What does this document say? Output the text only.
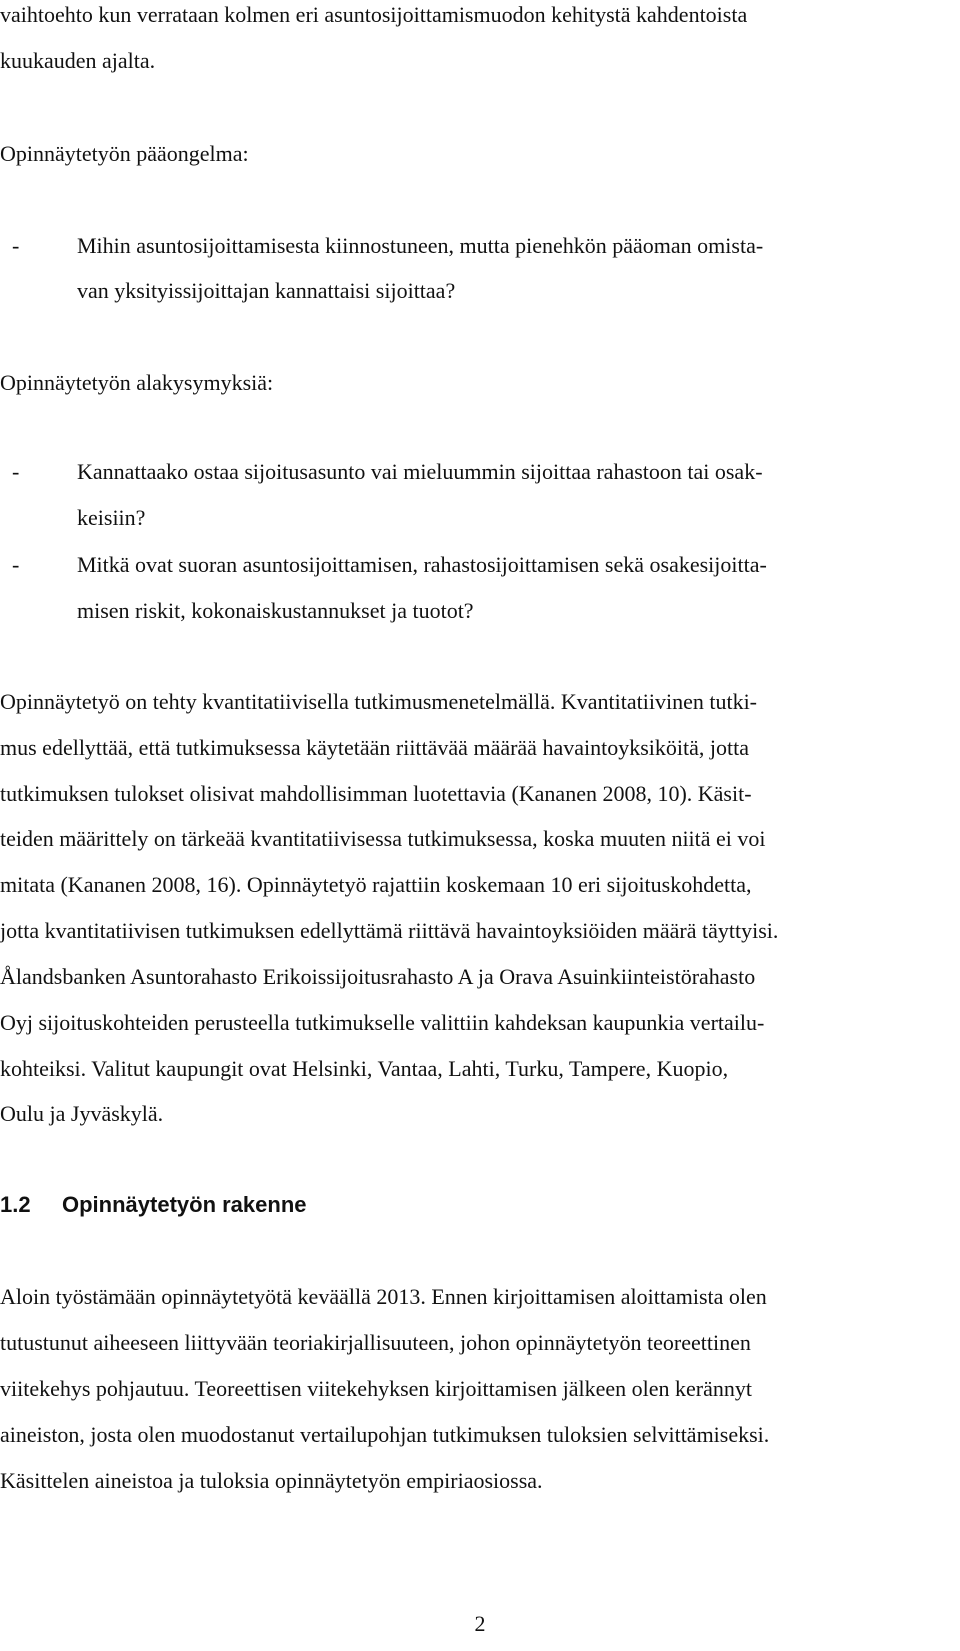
vaihtoehto kun verrataan kolmen eri asuntosijoittamismuodon kehitystä kahdentoista

kuukauden ajalta.

Opinnäytetyön pääongelma:

-	Mihin asuntosijoittamisesta kiinnostuneen, mutta pienehkön pääoman omista-

van yksityissijoittajan kannattaisi sijoittaa?

Opinnäytetyön alakysymyksiä:

-	Kannattaako ostaa sijoitusasunto vai mieluummin sijoittaa rahastoon tai osak-

keisiin?

-	Mitkä ovat suoran asuntosijoittamisen, rahastosijoittamisen sekä osakesijoitta-

misen riskit, kokonaiskustannukset ja tuotot?

Opinnäytetyö on tehty kvantitatiivisella tutkimusmenetelmällä. Kvantitatiivinen tutki-

mus edellyttää, että tutkimuksessa käytetään riittävää määrää havaintoyksiköitä, jotta

tutkimuksen tulokset olisivat mahdollisimman luotettavia (Kananen 2008, 10). Käsit-

teiden määrittely on tärkeää kvantitatiivisessa tutkimuksessa, koska muuten niitä ei voi

mitata (Kananen 2008, 16). Opinnäytetyö rajattiin koskemaan 10 eri sijoituskohdetta,

jotta kvantitatiivisen tutkimuksen edellyttämä riittävä havaintoyksiöiden määrä täyttyisi.

Ålandsbanken Asuntorahasto Erikoissijoitusrahasto A ja Orava Asuinkiinteistörahasto

Oyj sijoituskohteiden perusteella tutkimukselle valittiin kahdeksan kaupunkia vertailu-

kohteiksi. Valitut kaupungit ovat Helsinki, Vantaa, Lahti, Turku, Tampere, Kuopio,

Oulu ja Jyväskylä.

1.2 Opinnäytetyön rakenne

Aloin työstämään opinnäytetyötä keväällä 2013. Ennen kirjoittamisen aloittamista olen

tutustunut aiheeseen liittyvään teoriakirjallisuuteen, johon opinnäytetyön teoreettinen

viitekehys pohjautuu. Teoreettisen viitekehyksen kirjoittamisen jälkeen olen kerännyt

aineiston, josta olen muodostanut vertailupohjan tutkimuksen tuloksien selvittämiseksi.

Käsittelen aineistoa ja tuloksia opinnäytetyön empiriaosiossa.

2
